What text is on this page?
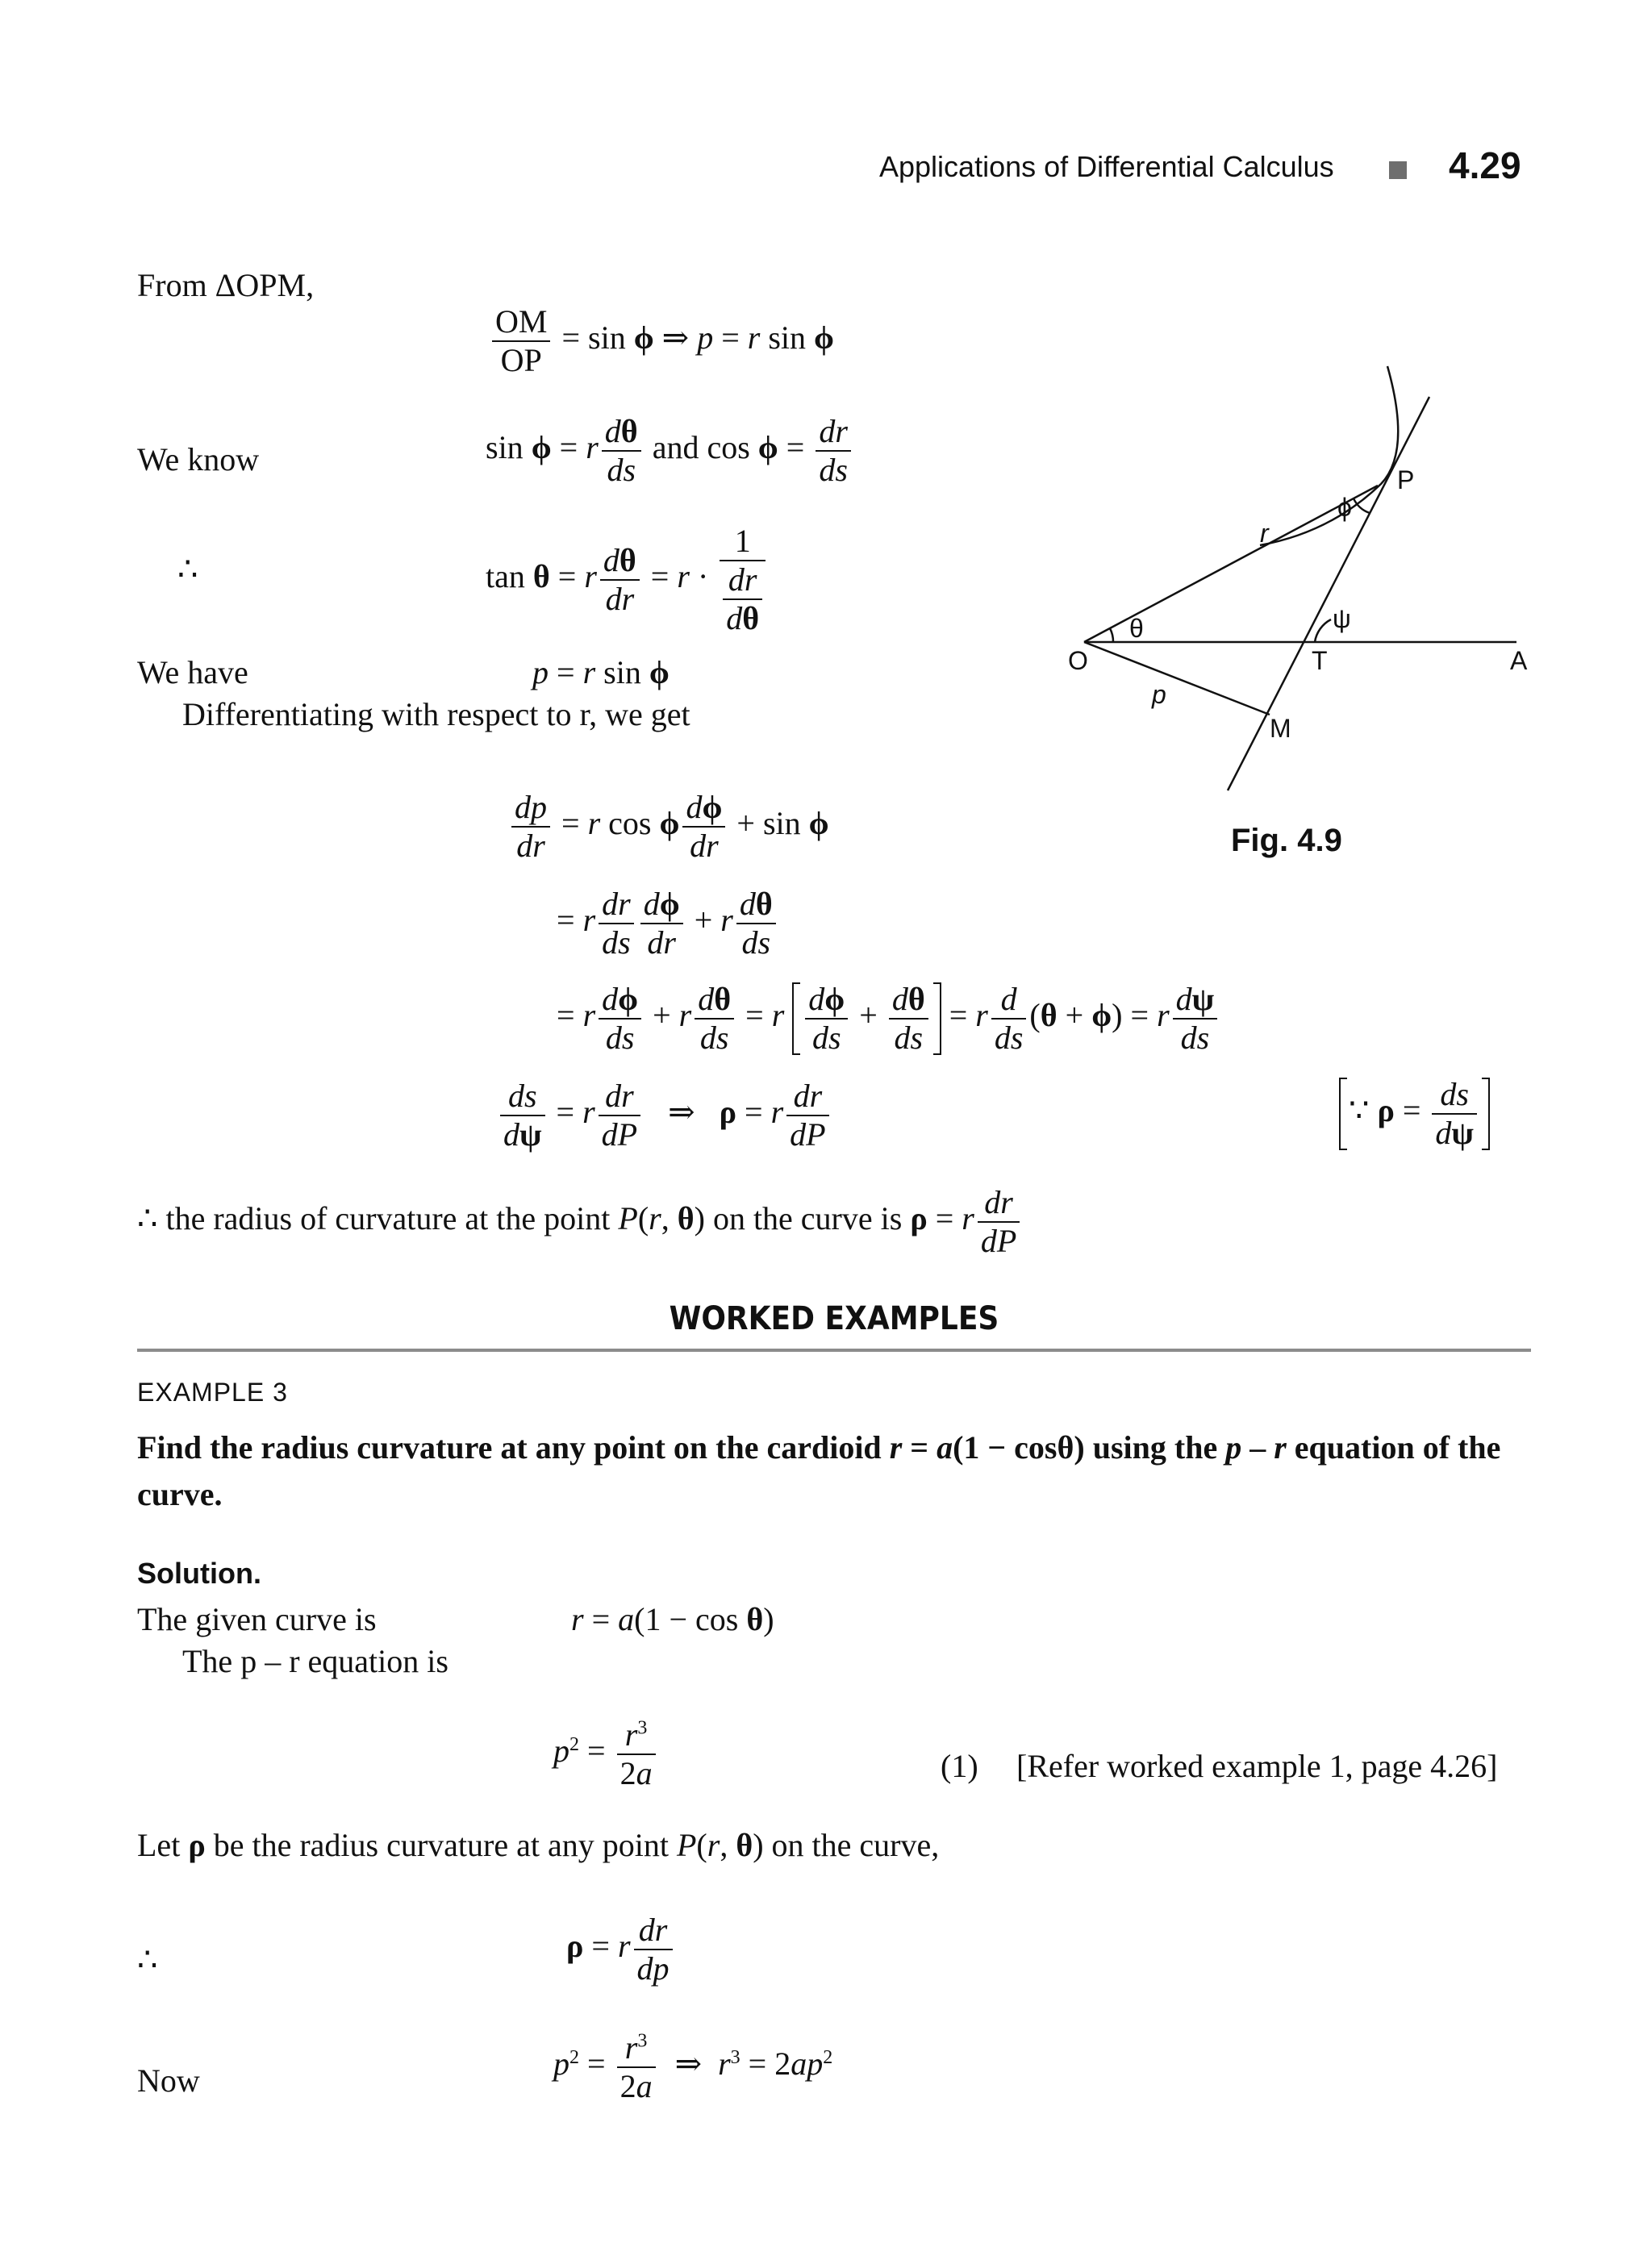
Applications of Differential Calculus	4.29
From ΔOPM,
$\frac{OM}{OP} = \sin \phi$ ⇒ p = r sin ϕ
We know	sin ϕ = r $\frac{d\theta}{ds}$ and $\cos \phi = \frac{dr}{ds}$
∴	tan θ = r $\frac{d\theta}{dr} = r \cdot \frac{1}{\frac{dr}{d\theta}}$
We have	p = r sin ϕ
Differentiating with respect to r, we get
$\frac{dp}{dr} = r$ cos ϕ $\frac{d\phi}{dr} + \sin \phi$
= r $\frac{dr}{ds} \frac{d\phi}{dr} + r \frac{d\theta}{ds}$
= r $\frac{d\phi}{ds} + r \frac{d\theta}{ds} = r \frac{d\phi}{ds} + \frac{d\theta}{ds} = r \frac{d}{ds} (\theta + \phi) = r \frac{d\psi}{ds}$
$\frac{ds}{d\psi} = r \frac{dr}{dP}$ ⇒   ρ = r $\frac{dr}{dP}$	∵ $\rho = \frac{ds}{d\psi}$
∴ the radius of curvature at the point P(r, θ) on the curve is ρ = r $\frac{dr}{dP}$
O	T	A
P
M
p
r
θ	ψ
ϕ
Fig. 4.9
WORKED EXAMPLES
EXAMPLE 3
Find the radius curvature at any point on the cardioid r = a(1 − cosθ) using the p – r equation of the curve.
Solution.
The given curve is	r = a(1 − cos θ)
The p – r equation is
$p^2 = \frac{r^3}{2a}$	(1) [Refer worked example 1, page 4.26]
Let ρ be the radius curvature at any point P(r, θ) on the curve,
∴	ρ = r $\frac{dr}{dp}$
Now	$p^2 = \frac{r^3}{2a}$ ⇒  $r^3 = 2ap^2$
